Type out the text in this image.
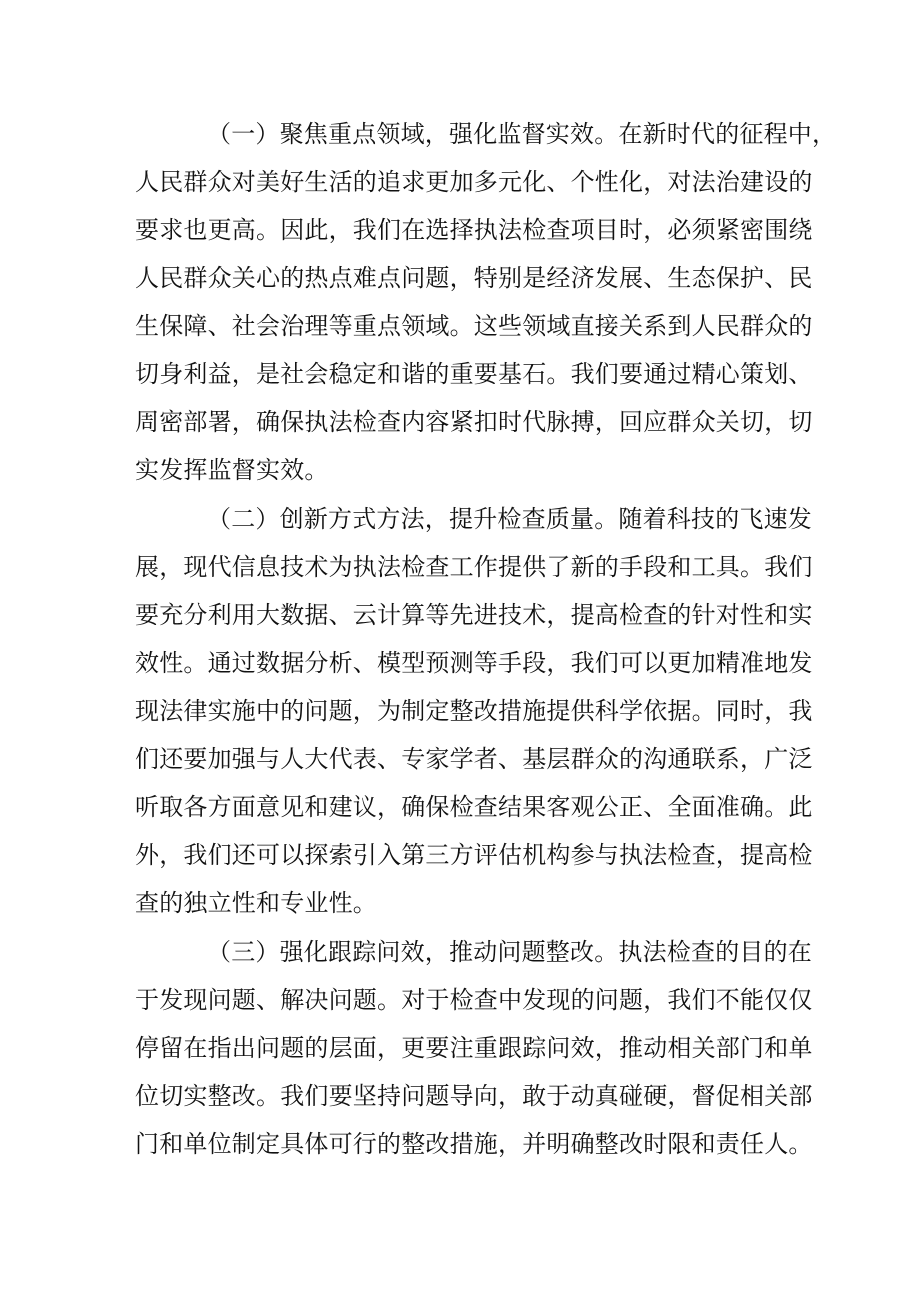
（一）聚焦重点领域，强化监督实效。在新时代的征程中，
人民群众对美好生活的追求更加多元化、个性化，对法治建设的
要求也更高。因此，我们在选择执法检查项目时，必须紧密围绕
人民群众关心的热点难点问题，特别是经济发展、生态保护、民
生保障、社会治理等重点领域。这些领域直接关系到人民群众的
切身利益，是社会稳定和谐的重要基石。我们要通过精心策划、
周密部署，确保执法检查内容紧扣时代脉搏，回应群众关切，切
实发挥监督实效。
（二）创新方式方法，提升检查质量。随着科技的飞速发
展，现代信息技术为执法检查工作提供了新的手段和工具。我们
要充分利用大数据、云计算等先进技术，提高检查的针对性和实
效性。通过数据分析、模型预测等手段，我们可以更加精准地发
现法律实施中的问题，为制定整改措施提供科学依据。同时，我
们还要加强与人大代表、专家学者、基层群众的沟通联系，广泛
听取各方面意见和建议，确保检查结果客观公正、全面准确。此
外，我们还可以探索引入第三方评估机构参与执法检查，提高检
查的独立性和专业性。
（三）强化跟踪问效，推动问题整改。执法检查的目的在
于发现问题、解决问题。对于检查中发现的问题，我们不能仅仅
停留在指出问题的层面，更要注重跟踪问效，推动相关部门和单
位切实整改。我们要坚持问题导向，敢于动真碰硬，督促相关部
门和单位制定具体可行的整改措施，并明确整改时限和责任人。
